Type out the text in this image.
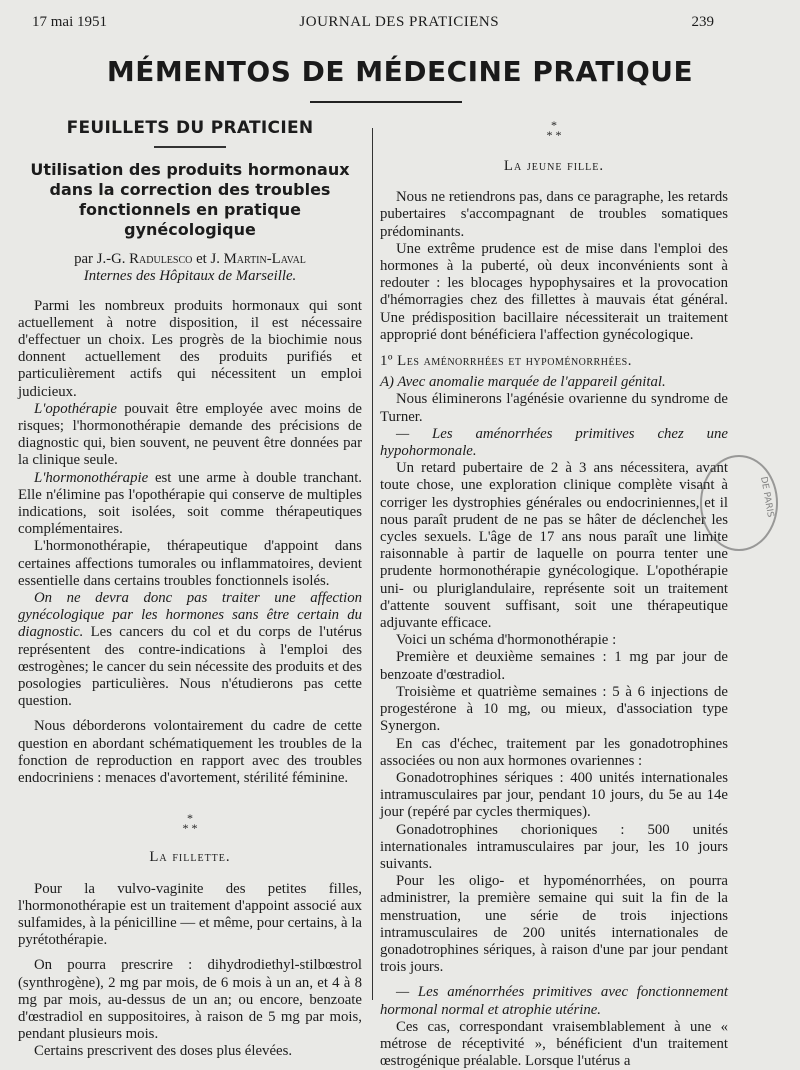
17 mai 1951	JOURNAL DES PRATICIENS	239
MÉMENTOS DE MÉDECINE PRATIQUE
FEUILLETS DU PRATICIEN
Utilisation des produits hormonaux dans la correction des troubles fonctionnels en pratique gynécologique
par J.-G. Radulesco et J. Martin-Laval
Internes des Hôpitaux de Marseille.

Parmi les nombreux produits hormonaux qui sont actuellement à notre disposition, il est nécessaire d'effectuer un choix. Les progrès de la biochimie nous donnent actuellement des produits purifiés et particulièrement actifs qui nécessitent un emploi judicieux.

L'opothérapie pouvait être employée avec moins de risques; l'hormonothérapie demande des précisions de diagnostic qui, bien souvent, ne peuvent être données par la clinique seule.

L'hormonothérapie est une arme à double tranchant. Elle n'élimine pas l'opothérapie qui conserve de multiples indications, soit isolées, soit comme thérapeutiques complémentaires.

L'hormonothérapie, thérapeutique d'appoint dans certaines affections tumorales ou inflammatoires, devient essentielle dans certains troubles fonctionnels isolés.

On ne devra donc pas traiter une affection gynécologique par les hormones sans être certain du diagnostic. Les cancers du col et du corps de l'utérus représentent des contre-indications à l'emploi des œstrogènes; le cancer du sein nécessite des produits et des posologies particulières. Nous n'étudierons pas cette question.

Nous déborderons volontairement du cadre de cette question en abordant schématiquement les troubles de la fonction de reproduction en rapport avec des troubles endocriniens : menaces d'avortement, stérilité féminine.

*
* *
La fillette.

Pour la vulvo-vaginite des petites filles, l'hormonothérapie est un traitement d'appoint associé aux sulfamides, à la pénicilline — et même, pour certains, à la pyrétothérapie.

On pourra prescrire : dihydrodiethyl-stilbœstrol (synthrogène), 2 mg par mois, de 6 mois à un an, et 4 à 8 mg par mois, au-dessus de un an; ou encore, benzoate d'œstradiol en suppositoires, à raison de 5 mg par mois, pendant plusieurs mois.

Certains prescrivent des doses plus élevées.

*
* *
La jeune fille.

Nous ne retiendrons pas, dans ce paragraphe, les retards pubertaires s'accompagnant de troubles somatiques prédominants.

Une extrême prudence est de mise dans l'emploi des hormones à la puberté, où deux inconvénients sont à redouter : les blocages hypophysaires et la provocation d'hémorragies chez des fillettes à mauvais état général. Une prédisposition bacillaire nécessiterait un traitement approprié dont bénéficiera l'affection gynécologique.

1º Les aménorrhées et hypoménorrhées.

A) Avec anomalie marquée de l'appareil génital.

Nous éliminerons l'agénésie ovarienne du syndrome de Turner.

— Les aménorrhées primitives chez une hypohormonale.

Un retard pubertaire de 2 à 3 ans nécessitera, avant toute chose, une exploration clinique complète visant à corriger les dystrophies générales ou endocriniennes, et il nous paraît prudent de ne pas se hâter de déclencher les cycles sexuels. L'âge de 17 ans nous paraît une limite raisonnable à partir de laquelle on pourra tenter une prudente hormonothérapie gynécologique. L'opothérapie uni- ou pluriglandulaire, représente soit un traitement d'attente souvent suffisant, soit une thérapeutique adjuvante efficace.

Voici un schéma d'hormonothérapie :

Première et deuxième semaines : 1 mg par jour de benzoate d'œstradiol.

Troisième et quatrième semaines : 5 à 6 injections de progestérone à 10 mg, ou mieux, d'association type Synergon.

En cas d'échec, traitement par les gonadotrophines associées ou non aux hormones ovariennes :

Gonadotrophines sériques : 400 unités internationales intramusculaires par jour, pendant 10 jours, du 5e au 14e jour (repéré par cycles thermiques).

Gonadotrophines chorioniques : 500 unités internationales intramusculaires par jour, les 10 jours suivants.

Pour les oligo- et hypoménorrhées, on pourra administrer, la première semaine qui suit la fin de la menstruation, une série de trois injections intramusculaires de 200 unités internationales de gonadotrophines sériques, à raison d'une par jour pendant trois jours.

— Les aménorrhées primitives avec fonctionnement hormonal normal et atrophie utérine.

Ces cas, correspondant vraisemblablement à une « métrose de réceptivité », bénéficient d'un traitement œstrogénique préalable. Lorsque l'utérus a

DE PARIS
